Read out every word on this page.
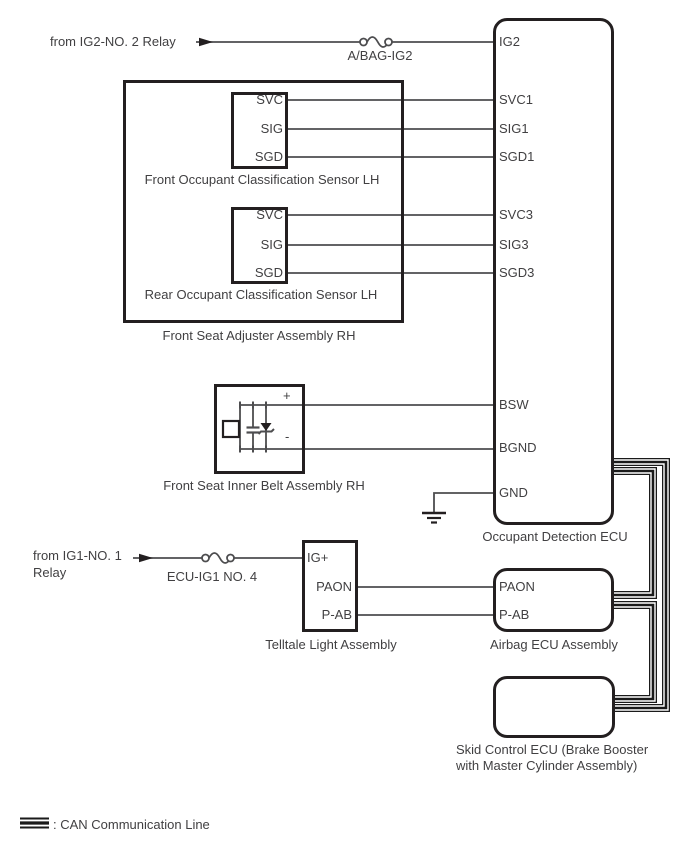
from IG2-NO. 2 Relay
A/BAG-IG2
from IG1-NO. 1
Relay	ECU-IG1 NO. 4
SVC
SIG
SGD
Front Occupant Classification Sensor LH
SVC
SIG
SGD
Rear Occupant Classification Sensor LH
Front Seat Adjuster Assembly RH
+
-
Front Seat Inner Belt Assembly RH
IG2
SVC1
SIG1
SGD1
SVC3
SIG3
SGD3
BSW
BGND
GND
Occupant Detection ECU
IG+
PAON
P-AB
Telltale Light Assembly
PAON
P-AB
Airbag ECU Assembly
Skid Control ECU (Brake Booster
with Master Cylinder Assembly)
: CAN Communication Line
